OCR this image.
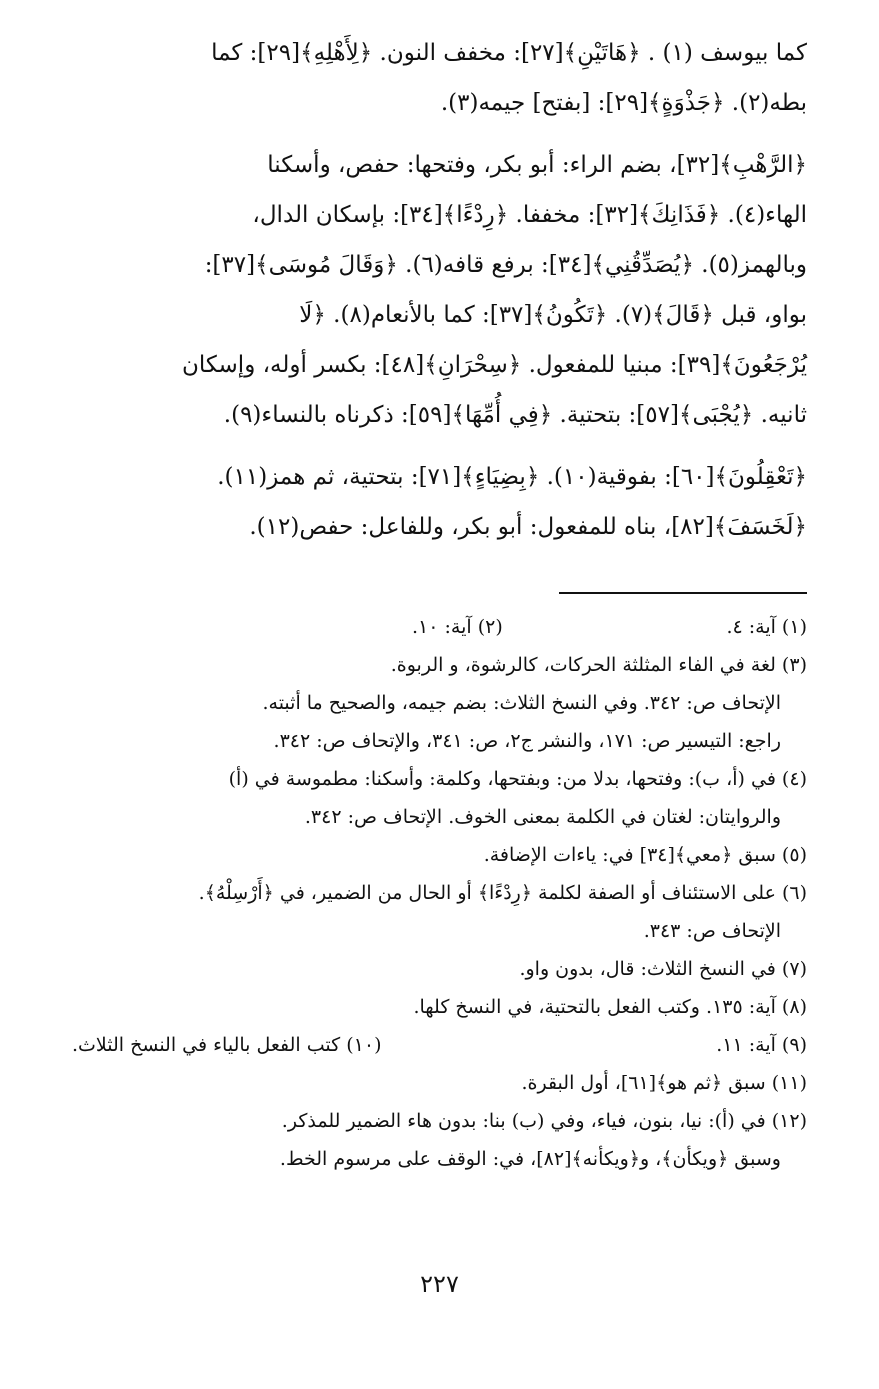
كما بيوسف (١) . ﴿هَاتَيْنِ﴾[٢٧]: مخفف النون. ﴿لِأَهْلِهِ﴾[٢٩]: كما

بطه(٢). ﴿جَذْوَةٍ﴾[٢٩]: [بفتح] جيمه(٣).

﴿الرَّهْبِ﴾[٣٢]، بضم الراء: أبو بكر، وفتحها: حفص، وأسكنا

الهاء(٤). ﴿فَذَانِكَ﴾[٣٢]: مخففا. ﴿رِدْءًا﴾[٣٤]: بإسكان الدال،

وبالهمز(٥). ﴿يُصَدِّقُنِي﴾[٣٤]: برفع قافه(٦). ﴿وَقَالَ مُوسَى﴾[٣٧]:

بواو، قبل ﴿قَالَ﴾(٧). ﴿تَكُونُ﴾[٣٧]: كما بالأنعام(٨). ﴿لَا

يُرْجَعُونَ﴾[٣٩]: مبنيا للمفعول. ﴿سِحْرَانِ﴾[٤٨]: بكسر أوله، وإسكان

ثانيه. ﴿يُجْبَى﴾[٥٧]: بتحتية. ﴿فِي أُمِّهَا﴾[٥٩]: ذكرناه بالنساء(٩).

﴿تَعْقِلُونَ﴾[٦٠]: بفوقية(١٠). ﴿بِضِيَاءٍ﴾[٧١]: بتحتية، ثم همز(١١).

﴿لَخَسَفَ﴾[٨٢]، بناه للمفعول: أبو بكر، وللفاعل: حفص(١٢).

(١) آية: ٤.
(٢) آية: ١٠.

(٣) لغة في الفاء المثلثة الحركات، كالرشوة، و الربوة.

الإتحاف ص: ٣٤٢. وفي النسخ الثلاث: بضم جيمه، والصحيح ما أثبته.

راجع: التيسير ص: ١٧١، والنشر ج٢، ص: ٣٤١، والإتحاف ص: ٣٤٢.

(٤) في (أ، ب): وفتحها، بدلا من: وبفتحها، وكلمة: وأسكنا: مطموسة في (أ)

والروايتان: لغتان في الكلمة بمعنى الخوف. الإتحاف ص: ٣٤٢.

(٥) سبق ﴿معي﴾[٣٤] في: ياءات الإضافة.

(٦) على الاستئناف أو الصفة لكلمة ﴿رِدْءًا﴾ أو الحال من الضمير، في ﴿أَرْسِلْهُ﴾.

الإتحاف ص: ٣٤٣.

(٧) في النسخ الثلاث: قال، بدون واو.

(٨) آية: ١٣٥. وكتب الفعل بالتحتية، في النسخ كلها.

(٩) آية: ١١.
(١٠) كتب الفعل بالياء في النسخ الثلاث.

(١١) سبق ﴿ثم هو﴾[٦١]، أول البقرة.

(١٢) في (أ): نيا، بنون، فياء، وفي (ب) بنا: بدون هاء الضمير للمذكر.

وسبق ﴿ويكأن﴾، و﴿ويكأنه﴾[٨٢]، في: الوقف على مرسوم الخط.

٢٢٧
